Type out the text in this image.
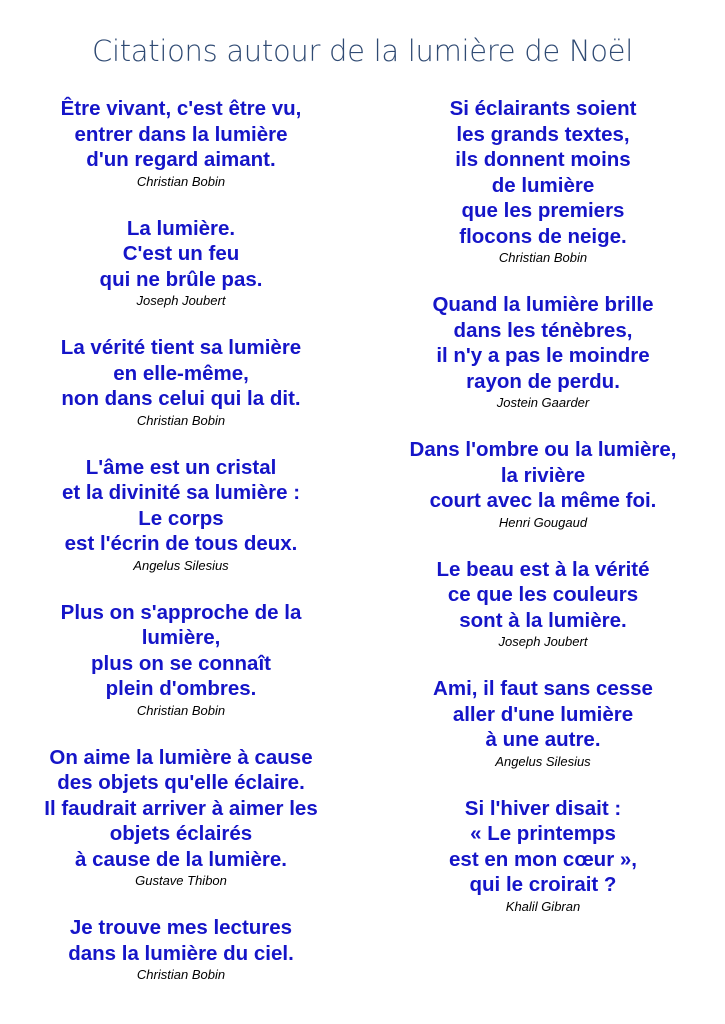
Citations autour de la lumière de Noël
Être vivant, c'est être vu,
entrer dans la lumière
d'un regard aimant.
Christian Bobin
La lumière.
C'est un feu
qui ne brûle pas.
Joseph Joubert
La vérité tient sa lumière
en elle-même,
non dans celui qui la dit.
Christian Bobin
L'âme est un cristal
et la divinité sa lumière :
Le corps
est l'écrin de tous deux.
Angelus Silesius
Plus on s'approche de la
lumière,
plus on se connaît
plein d'ombres.
Christian Bobin
On aime la lumière à cause
des objets qu'elle éclaire.
Il faudrait arriver à aimer les
objets éclairés
à cause de la lumière.
Gustave Thibon
Je trouve mes lectures
dans la lumière du ciel.
Christian Bobin
Si éclairants soient
les grands textes,
ils donnent moins
de lumière
que les premiers
flocons de neige.
Christian Bobin
Quand la lumière brille
dans les ténèbres,
il n'y a pas le moindre
rayon de perdu.
Jostein Gaarder
Dans l'ombre ou la lumière,
la rivière
court avec la même foi.
Henri Gougaud
Le beau est à la vérité
ce que les couleurs
sont à la lumière.
Joseph Joubert
Ami, il faut sans cesse
aller d'une lumière
à une autre.
Angelus Silesius
Si l'hiver disait :
« Le printemps
est en mon cœur »,
qui le croirait ?
Khalil Gibran
